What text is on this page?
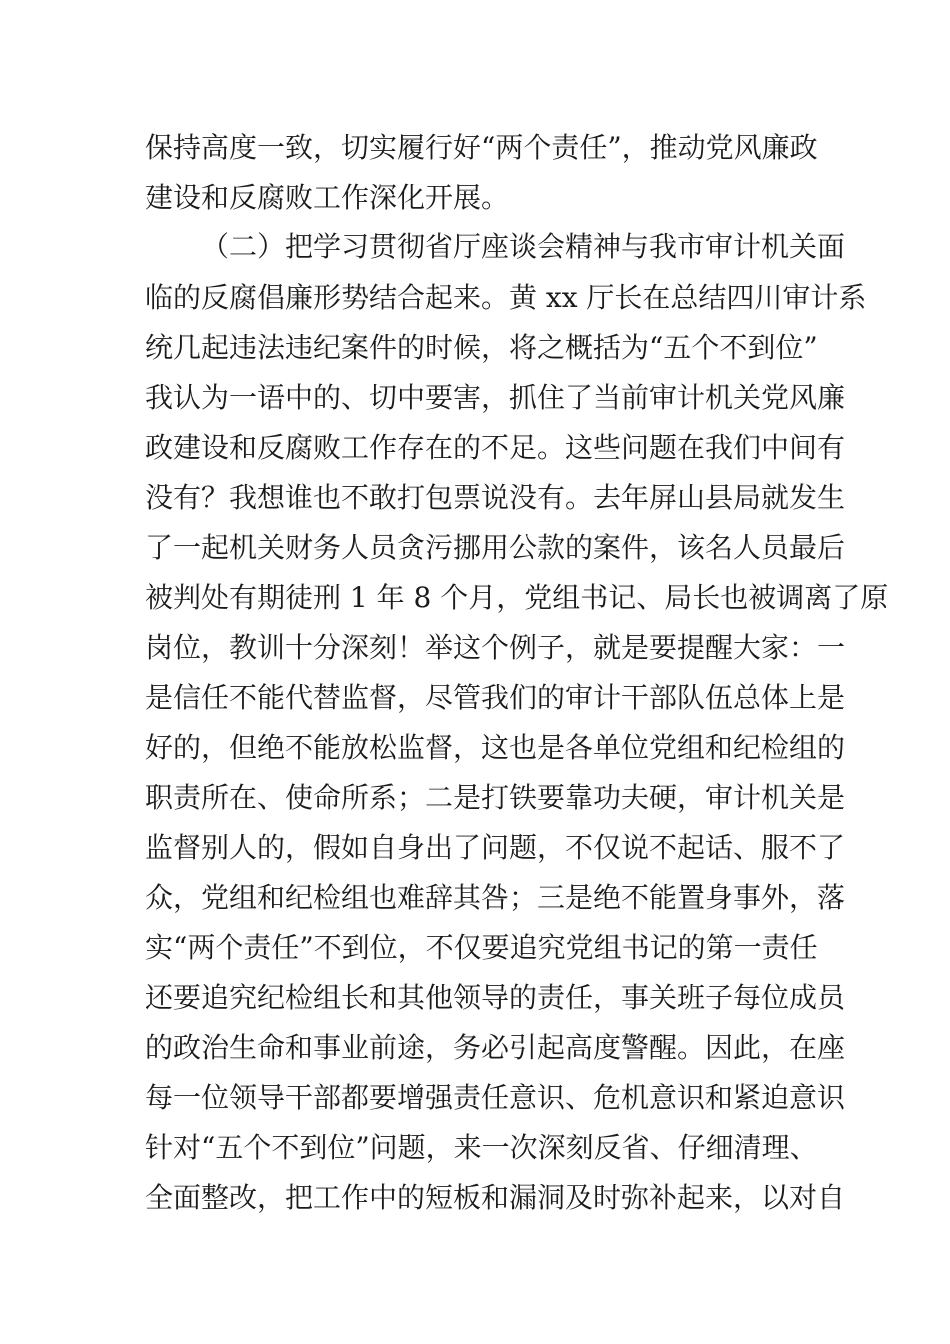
保持高度一致，切实履行好“两个责任”，推动党风廉政
建设和反腐败工作深化开展。
（二）把学习贯彻省厅座谈会精神与我市审计机关面
临的反腐倡廉形势结合起来。黄 xx 厅长在总结四川审计系
统几起违法违纪案件的时候，将之概括为“五个不到位”
我认为一语中的、切中要害，抓住了当前审计机关党风廉
政建设和反腐败工作存在的不足。这些问题在我们中间有
没有？我想谁也不敢打包票说没有。去年屏山县局就发生
了一起机关财务人员贪污挪用公款的案件，该名人员最后
被判处有期徒刑 1 年 8 个月，党组书记、局长也被调离了原
岗位，教训十分深刻！举这个例子，就是要提醒大家：一
是信任不能代替监督，尽管我们的审计干部队伍总体上是
好的，但绝不能放松监督，这也是各单位党组和纪检组的
职责所在、使命所系；二是打铁要靠功夫硬，审计机关是
监督别人的，假如自身出了问题，不仅说不起话、服不了
众，党组和纪检组也难辞其咎；三是绝不能置身事外，落
实“两个责任”不到位，不仅要追究党组书记的第一责任
还要追究纪检组长和其他领导的责任，事关班子每位成员
的政治生命和事业前途，务必引起高度警醒。因此，在座
每一位领导干部都要增强责任意识、危机意识和紧迫意识
针对“五个不到位”问题，来一次深刻反省、仔细清理、
全面整改，把工作中的短板和漏洞及时弥补起来，以对自
